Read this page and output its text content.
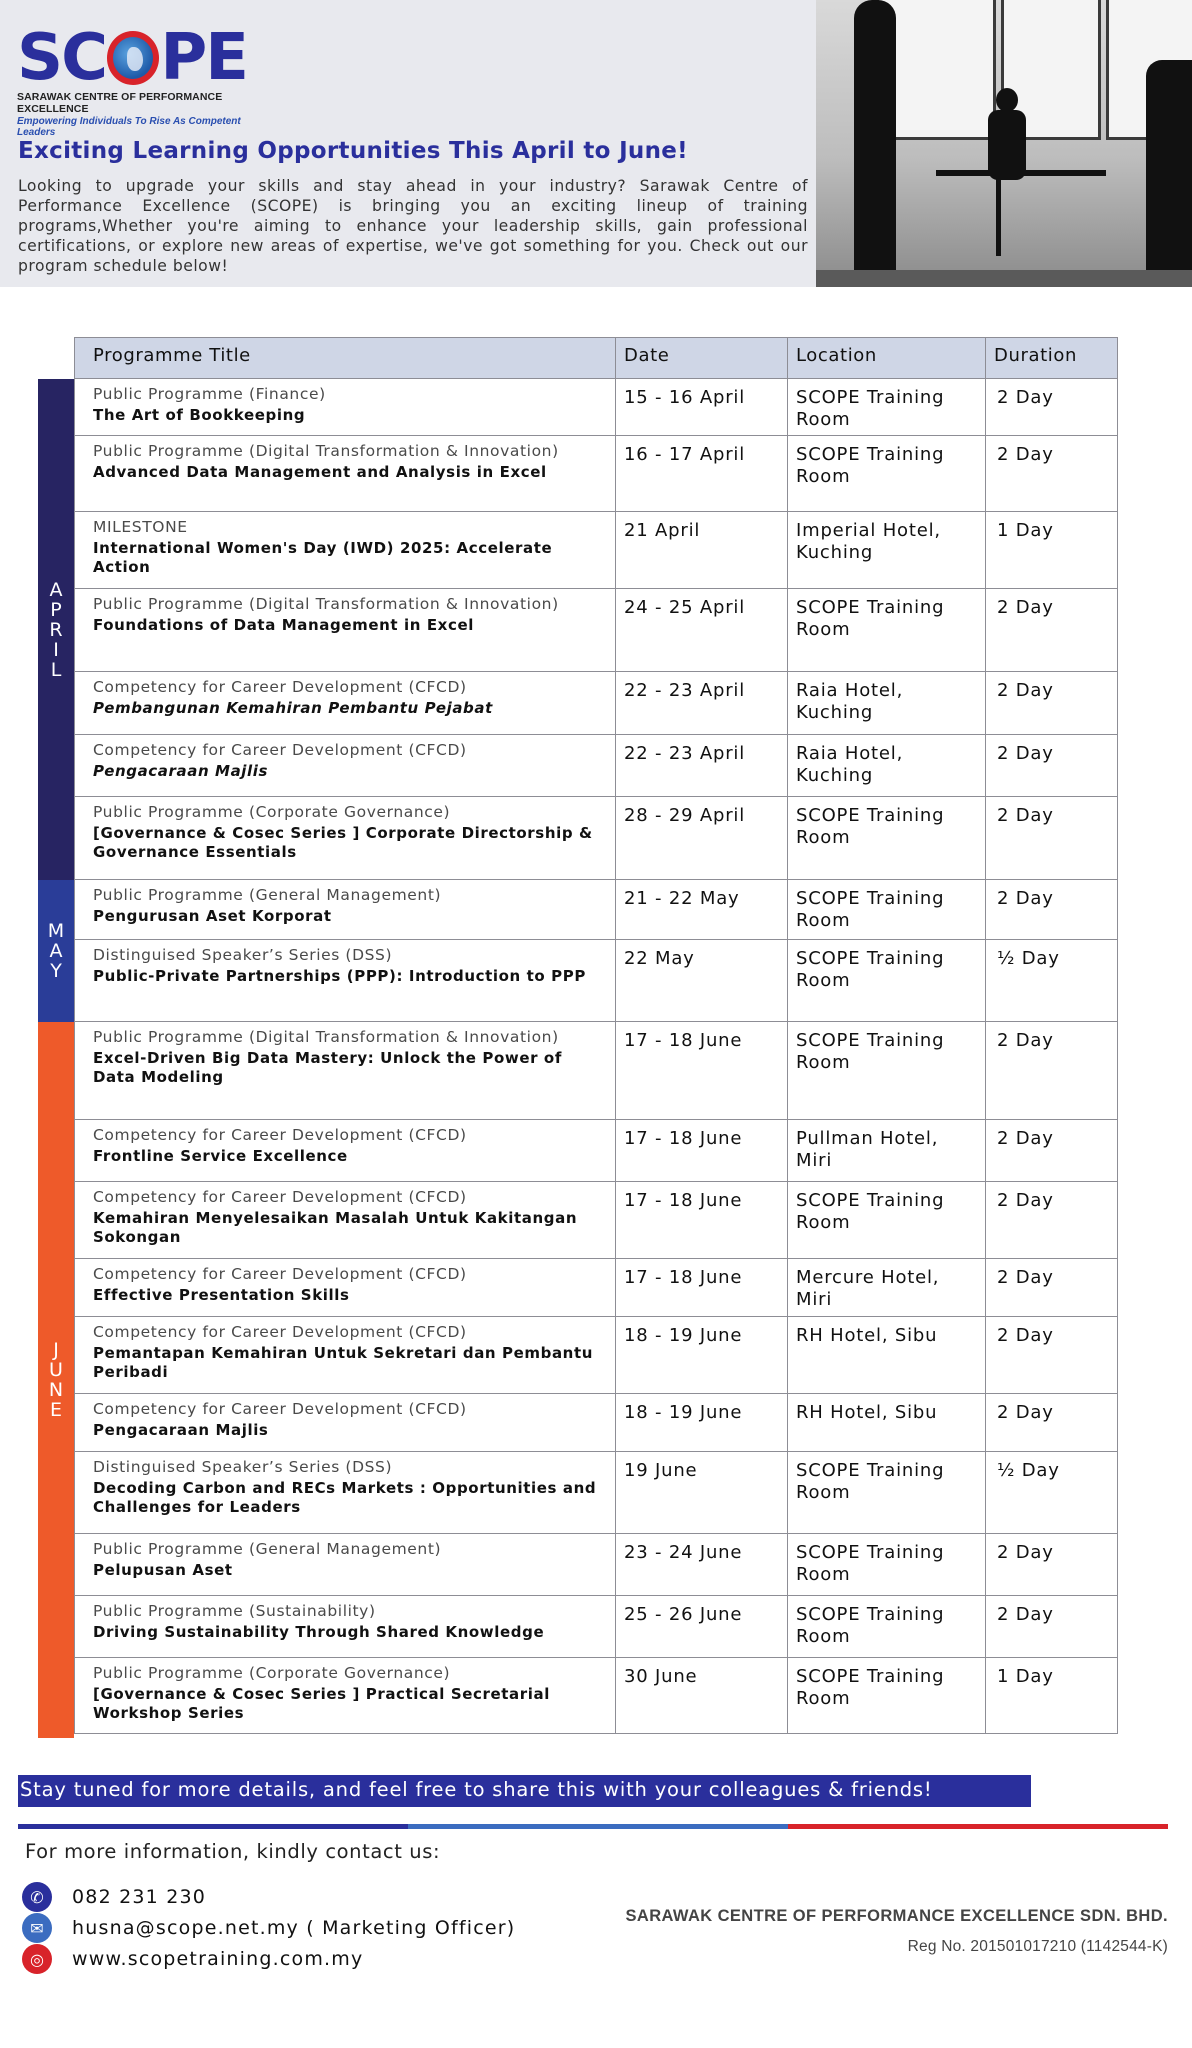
SC PE
SARAWAK CENTRE OF PERFORMANCE EXCELLENCE
Empowering Individuals To Rise As Competent Leaders
Exciting Learning Opportunities This April to June!
Looking to upgrade your skills and stay ahead in your industry? Sarawak Centre of Performance Excellence (SCOPE) is bringing you an exciting lineup of training programs,Whether you're aiming to enhance your leadership skills, gain professional certifications, or explore new areas of expertise, we've got something for you. Check out our program schedule below!
A
P
R
I
L
M
A
Y
J
U
N
E
Programme Title	Date	Location	Duration

Public Programme (Finance)
The Art of Bookkeeping	15 - 16 April	SCOPE Training Room	2 Day

Public Programme (Digital Transformation & Innovation)
Advanced Data Management and Analysis in Excel	16 - 17 April	SCOPE Training Room	2 Day

MILESTONE
International Women's Day (IWD) 2025: Accelerate Action	21 April	Imperial Hotel, Kuching	1 Day

Public Programme (Digital Transformation & Innovation)
Foundations of Data Management in Excel	24 - 25 April	SCOPE Training Room	2 Day

Competency for Career Development (CFCD)
Pembangunan Kemahiran Pembantu Pejabat	22 - 23 April	Raia Hotel, Kuching	2 Day

Competency for Career Development (CFCD)
Pengacaraan Majlis	22 - 23 April	Raia Hotel, Kuching	2 Day

Public Programme (Corporate Governance)
[Governance & Cosec Series ] Corporate Directorship & Governance Essentials	28 - 29 April	SCOPE Training Room	2 Day

Public Programme (General Management)
Pengurusan Aset Korporat	21 - 22 May	SCOPE Training Room	2 Day

Distinguised Speaker’s Series (DSS)
Public-Private Partnerships (PPP): Introduction to PPP	22 May	SCOPE Training Room	½ Day

Public Programme (Digital Transformation & Innovation)
Excel-Driven Big Data Mastery: Unlock the Power of Data Modeling	17 - 18 June	SCOPE Training Room	2 Day

Competency for Career Development (CFCD)
Frontline Service Excellence	17 - 18 June	Pullman Hotel, Miri	2 Day

Competency for Career Development (CFCD)
Kemahiran Menyelesaikan Masalah Untuk Kakitangan Sokongan	17 - 18 June	SCOPE Training Room	2 Day

Competency for Career Development (CFCD)
Effective Presentation Skills	17 - 18 June	Mercure Hotel, Miri	2 Day

Competency for Career Development (CFCD)
Pemantapan Kemahiran Untuk Sekretari dan Pembantu Peribadi	18 - 19 June	RH Hotel, Sibu	2 Day

Competency for Career Development (CFCD)
Pengacaraan Majlis	18 - 19 June	RH Hotel, Sibu	2 Day

Distinguised Speaker’s Series (DSS)
Decoding Carbon and RECs Markets : Opportunities and Challenges for Leaders	19 June	SCOPE Training Room	½ Day

Public Programme (General Management)
Pelupusan Aset	23 - 24 June	SCOPE Training Room	2 Day

Public Programme (Sustainability)
Driving Sustainability Through Shared Knowledge	25 - 26 June	SCOPE Training Room	2 Day

Public Programme (Corporate Governance)
[Governance & Cosec Series ] Practical Secretarial Workshop Series	30 June	SCOPE Training Room	1 Day
Stay tuned for more details, and feel free to share this with your colleagues & friends!
For more information, kindly contact us:
✆	082 231 230
✉	husna@scope.net.my ( Marketing Officer)
◎	www.scopetraining.com.my
SARAWAK CENTRE OF PERFORMANCE EXCELLENCE SDN. BHD.
Reg No. 201501017210 (1142544-K)
